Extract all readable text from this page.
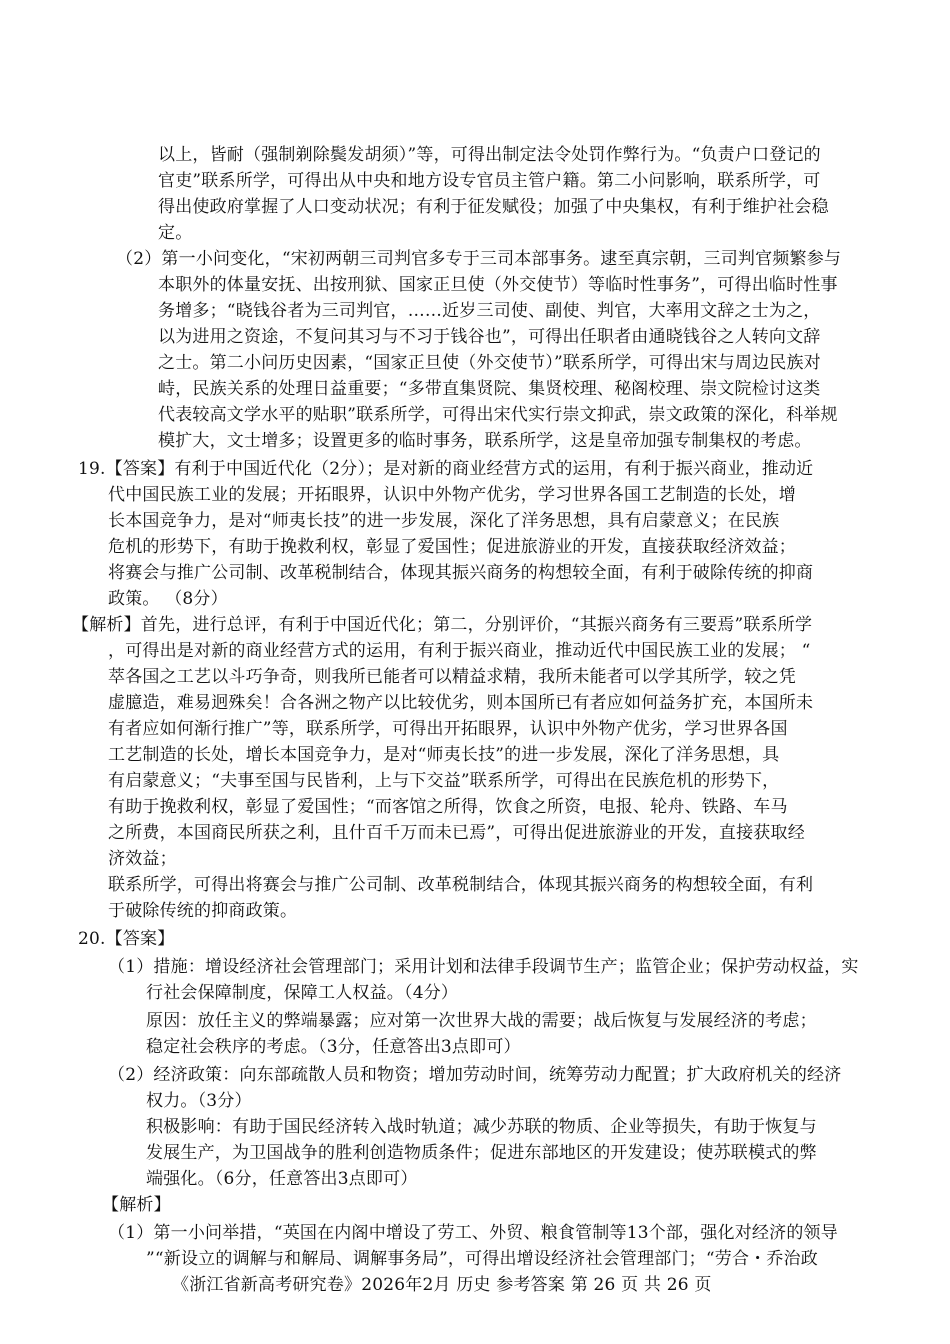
以上，皆耐（强制剃除鬓发胡须）”等，可得出制定法令处罚作弊行为。“负责户口登记的
官吏”联系所学，可得出从中央和地方设专官员主管户籍。第二小问影响，联系所学，可
得出使政府掌握了人口变动状况；有利于征发赋役；加强了中央集权，有利于维护社会稳
定。
（2）第一小问变化，“宋初两朝三司判官多专于三司本部事务。逮至真宗朝，三司判官频繁参与
本职外的体量安抚、出按刑狱、国家正旦使（外交使节）等临时性事务”，可得出临时性事
务增多；“晓钱谷者为三司判官，……近岁三司使、副使、判官，大率用文辞之士为之，
以为进用之资途，不复问其习与不习于钱谷也”，可得出任职者由通晓钱谷之人转向文辞
之士。第二小问历史因素，“国家正旦使（外交使节）”联系所学，可得出宋与周边民族对
峙，民族关系的处理日益重要；“多带直集贤院、集贤校理、秘阁校理、崇文院检讨这类
代表较高文学水平的贴职”联系所学，可得出宋代实行崇文抑武，崇文政策的深化，科举规
模扩大，文士增多；设置更多的临时事务，联系所学，这是皇帝加强专制集权的考虑。
19.【答案】有利于中国近代化（2分）；是对新的商业经营方式的运用，有利于振兴商业，推动近
代中国民族工业的发展；开拓眼界，认识中外物产优劣，学习世界各国工艺制造的长处，增
长本国竞争力，是对“师夷长技”的进一步发展，深化了洋务思想，具有启蒙意义；在民族
危机的形势下，有助于挽救利权，彰显了爱国性；促进旅游业的开发，直接获取经济效益；
将赛会与推广公司制、改革税制结合，体现其振兴商务的构想较全面，有利于破除传统的抑商
政策。 （8分）
【解析】首先，进行总评，有利于中国近代化；第二，分别评价，“其振兴商务有三要焉”联系所学
，可得出是对新的商业经营方式的运用，有利于振兴商业，推动近代中国民族工业的发展； “
萃各国之工艺以斗巧争奇，则我所已能者可以精益求精，我所未能者可以学其所学，较之凭
虚臆造，难易迥殊矣！合各洲之物产以比较优劣，则本国所已有者应如何益务扩充，本国所未
有者应如何渐行推广”等，联系所学，可得出开拓眼界，认识中外物产优劣，学习世界各国
工艺制造的长处，增长本国竞争力，是对“师夷长技”的进一步发展，深化了洋务思想，具
有启蒙意义；“夫事至国与民皆利，上与下交益”联系所学，可得出在民族危机的形势下，
有助于挽救利权，彰显了爱国性；“而客馆之所得，饮食之所资，电报、轮舟、铁路、车马
之所费，本国商民所获之利，且什百千万而未已焉”，可得出促进旅游业的开发，直接获取经
济效益；
联系所学，可得出将赛会与推广公司制、改革税制结合，体现其振兴商务的构想较全面，有利
于破除传统的抑商政策。
20.【答案】
（1）措施：增设经济社会管理部门；采用计划和法律手段调节生产；监管企业；保护劳动权益，实
行社会保障制度，保障工人权益。（4分）
原因：放任主义的弊端暴露；应对第一次世界大战的需要；战后恢复与发展经济的考虑；
稳定社会秩序的考虑。（3分，任意答出3点即可）
（2）经济政策：向东部疏散人员和物资；增加劳动时间，统筹劳动力配置；扩大政府机关的经济
权力。（3分）
积极影响：有助于国民经济转入战时轨道；减少苏联的物质、企业等损失，有助于恢复与
发展生产，为卫国战争的胜利创造物质条件；促进东部地区的开发建设；使苏联模式的弊
端强化。（6分，任意答出3点即可）
【解析】
（1）第一小问举措，“英国在内阁中增设了劳工、外贸、粮食管制等13个部，强化对经济的领导
”“新设立的调解与和解局、调解事务局”，可得出增设经济社会管理部门；“劳合・乔治政
《浙江省新高考研究卷》2026年2月 历史 参考答案 第 26 页 共 26 页
